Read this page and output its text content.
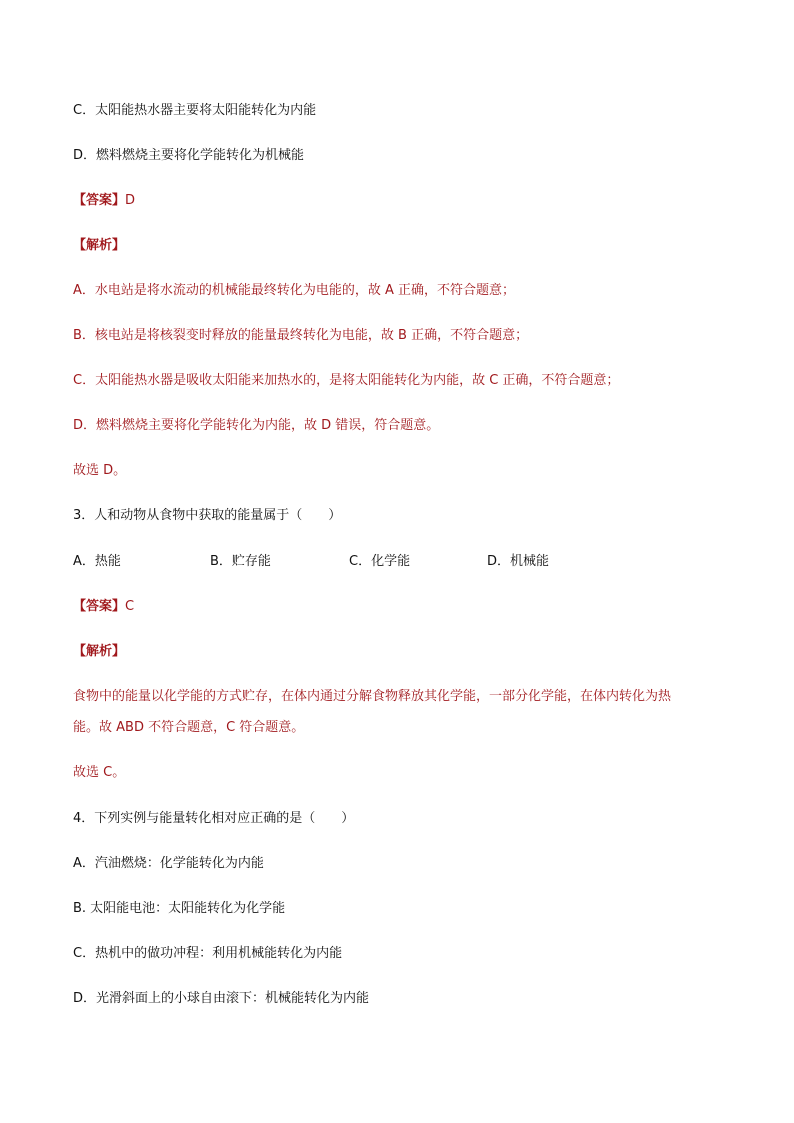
C．太阳能热水器主要将太阳能转化为内能
D．燃料燃烧主要将化学能转化为机械能
【答案】D
【解析】
A．水电站是将水流动的机械能最终转化为电能的，故 A 正确，不符合题意；
B．核电站是将核裂变时释放的能量最终转化为电能，故 B 正确，不符合题意；
C．太阳能热水器是吸收太阳能来加热水的，是将太阳能转化为内能，故 C 正确，不符合题意；
D．燃料燃烧主要将化学能转化为内能，故 D 错误，符合题意。
故选 D。
3．人和动物从食物中获取的能量属于（　　）
A．热能	B．贮存能	C．化学能	D．机械能
【答案】C
【解析】
食物中的能量以化学能的方式贮存，在体内通过分解食物释放其化学能，一部分化学能，在体内转化为热
能。故 ABD 不符合题意，C 符合题意。
故选 C。
4．下列实例与能量转化相对应正确的是（　　）
A．汽油燃烧：化学能转化为内能
B. 太阳能电池：太阳能转化为化学能
C．热机中的做功冲程：利用机械能转化为内能
D．光滑斜面上的小球自由滚下：机械能转化为内能
